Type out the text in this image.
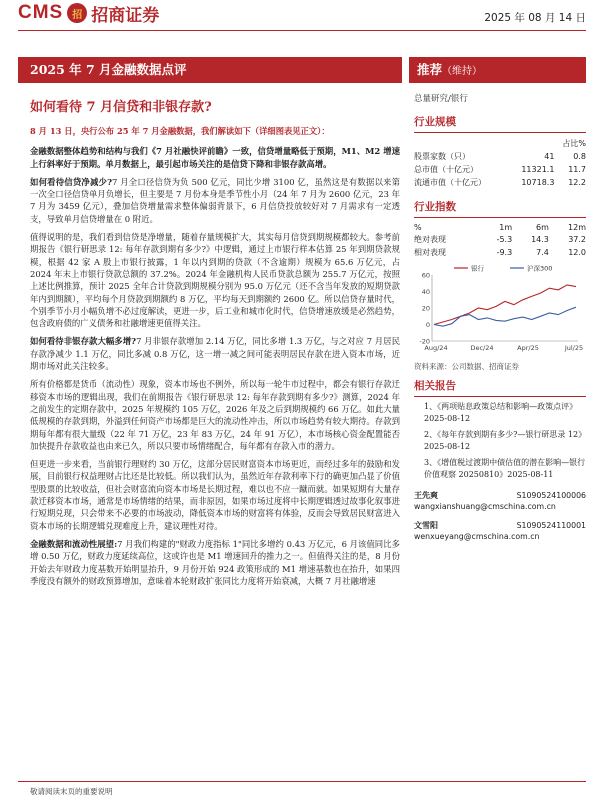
CMS 招 招商证券	2025 年 08 月 14 日
2025 年 7 月金融数据点评	推荐（维持）
如何看待 7 月信贷和非银存款?
8 月 13 日，央行公布 25 年 7 月金融数据，我们解读如下（详细图表见正文）：

金融数据整体趋势和结构与我们《7 月社融快评前瞻》一致，信贷增量略低于预期，M1、M2 增速上行斜率好于预期。单月数据上，最引起市场关注的是信贷下降和非银存款高增。

如何看待信贷净减少?7 月全口径信贷为负 500 亿元，同比少增 3100 亿，虽然这是有数据以来第一次全口径信贷单月负增长，但主要是 7 月份本身是季节性小月（24 年 7 月为 2600 亿元，23 年 7 月为 3459 亿元），叠加信贷增量需求整体偏弱背景下，6 月信贷投放较好对 7 月需求有一定透支，导致单月信贷增量在 0 附近。

值得说明的是，我们看到信贷是净增量，随着存量规模扩大，其实每月信贷到期规模都较大。参考前期报告《银行研思录 12: 每年存款到期有多少?》中逻辑，通过上市银行样本估算 25 年到期贷款规模，根据 42 家 A 股上市银行披露，1 年以内到期的贷款（不含逾期）规模为 65.6 万亿元，占 2024 年末上市银行贷款总额的 37.2%。2024 年金融机构人民币贷款总额为 255.7 万亿元，按照上述比例推算，预计 2025 全年合计贷款到期规模分别为 95.0 万亿元（还不含当年发放的短期贷款年内到期额），平均每个月贷款到期额约 8 万亿，平均每天到期额约 2600 亿。所以信贷存量时代，个别季节小月小幅负增不必过度解读，更进一步，后工业和城市化时代，信贷增速放缓是必然趋势，包含政府债的广义债务和社融增速更值得关注。

如何看待非银存款大幅多增?7 月非银存款增加 2.14 万亿，同比多增 1.3 万亿，与之对应 7 月居民存款净减少 1.1 万亿，同比多减 0.8 万亿，这一增一减之间可能表明居民存款在进入资本市场，近期市场对此关注较多。

所有价格都是货币（流动性）现象，资本市场也不例外，所以每一轮牛市过程中，都会有银行存款迁移资本市场的逻辑出现，我们在前期报告《银行研思录 12: 每年存款到期有多少?》测算，2024 年之前发生的定期存款中，2025 年规模约 105 万亿，2026 年及之后到期规模约 66 万亿。如此大量低规模的存款到期，外溢到任何资产市场都是巨大的流动性冲击，所以市场趋势有较大期待。存款到期每年都有很大量级（22 年 71 万亿，23 年 83 万亿，24 年 91 万亿），本市场核心资金配置能否加快提升存款收益也由来已久，所以只要市场情绪配合，每年都有存款入市的潜力。

但更进一步来看，当前银行理财约 30 万亿，这部分居民财富资本市场更近，而经过多年的鼓励和发展，目前银行权益理财占比还是比较低。所以我们认为，虽然近年存款利率下行的确更加凸显了价值型股票的比较收益，但社会财富流向资本市场是长期过程，难以也不应一蹴而就。如果短期有大量存款迁移资本市场，通常是市场情绪的结果，而非原因，如果市场过度将中长期逻辑透过故事化叙事进行短期兑现，只会带来不必要的市场波动，降低资本市场的财富将有体验，反而会导致居民财富进入资本市场的长期逻辑兑现难度上升，建议理性对待。

金融数据和流动性展望:7 月我们构建的"财政力度指标 1"同比多增约 0.43 万亿元，6 月该值同比多增 0.50 万亿，财政力度延续高位，这或许也是 M1 增速回升的推力之一。但值得关注的是，8 月份开始去年财政力度基数开始明显抬升，9 月份开始 924 政策形成的 M1 增速基数也在抬升，如果四季度没有额外的财政预算增加，意味着本轮财政扩张同比力度将开始衰减，大概 7 月社融增速

总量研究/银行
行业规模
		占比%
股票家数（只）	41	0.8
总市值（十亿元）	11321.1	11.7
流通市值（十亿元）	10718.3	12.2
行业指数
%	1m	6m	12m
绝对表现	-5.3	14.3	37.2
相对表现	-9.3	7.4	12.0
60
40
20
0
-20
Aug/24	Dec/24	Apr/25	Jul/25
银行	沪深300
资料来源：公司数据、招商证券
相关报告
1、《两项贴息政策总结和影响—政策点评》2025-08-12
2、《每年存款到期有多少?—银行研思录 12》2025-08-12
3、《增值税过渡期中债估值的潜在影响—银行价值观察 20250810》2025-08-11
王先爽	S1090524100006
wangxianshuang@cmschina.com.cn
文雪阳	S1090524110001
wenxueyang@cmschina.com.cn
敬请阅读末页的重要说明
